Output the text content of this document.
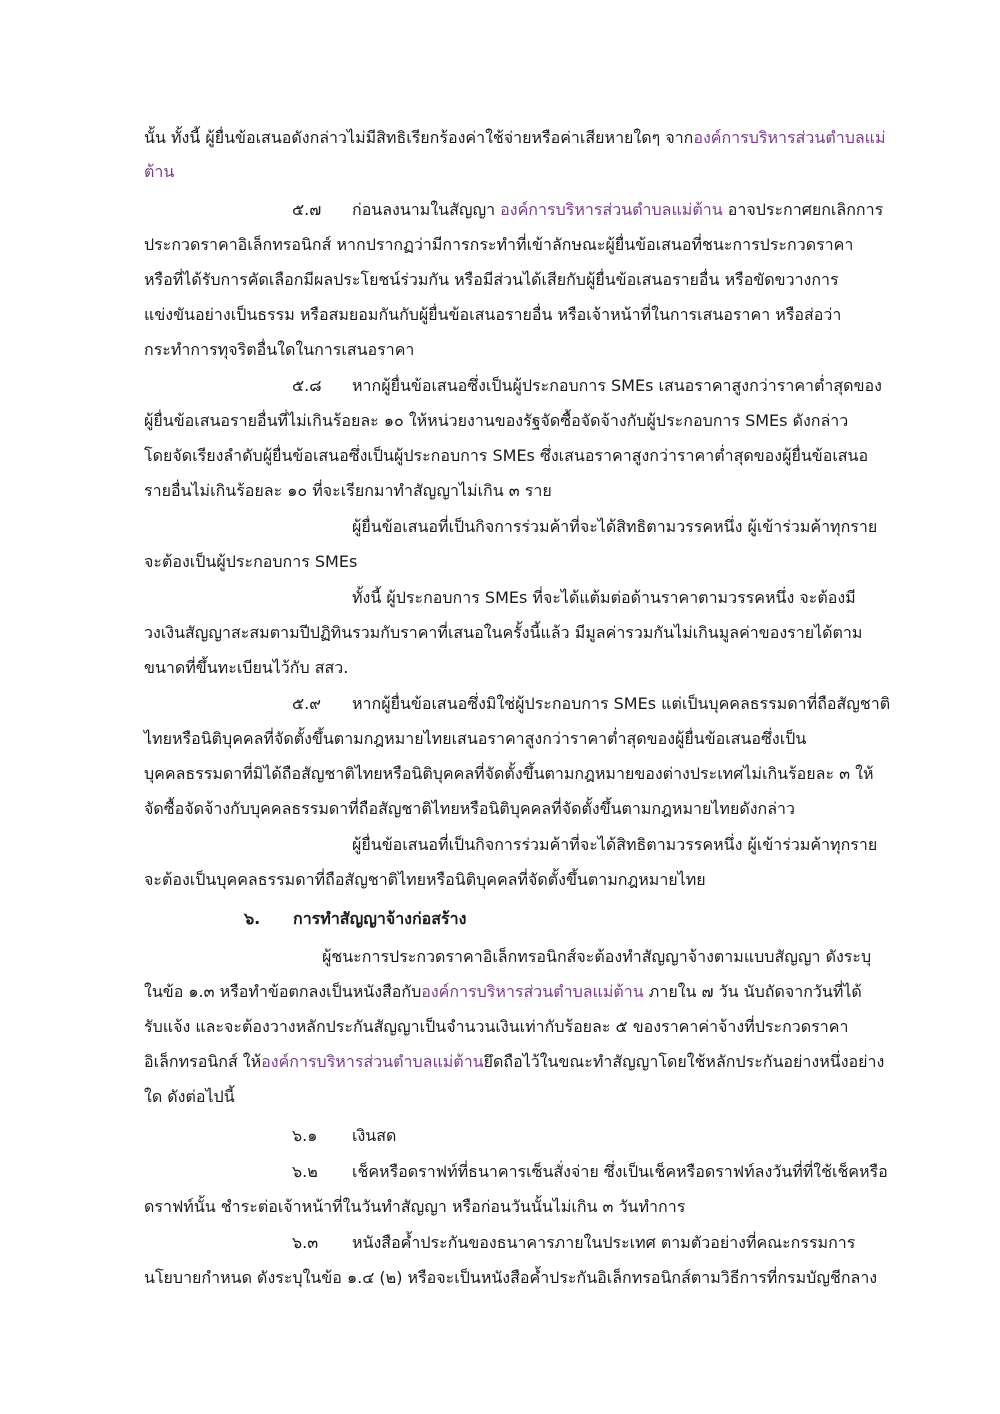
นั้น ทั้งนี้ ผู้ยื่นข้อเสนอดังกล่าวไม่มีสิทธิเรียกร้องค่าใช้จ่ายหรือค่าเสียหายใดๆ จากองค์การบริหารส่วนตำบลแม่
ต้าน
๕.๗ ก่อนลงนามในสัญญา องค์การบริหารส่วนตำบลแม่ต้าน อาจประกาศยกเลิกการ
ประกวดราคาอิเล็กทรอนิกส์ หากปรากฏว่ามีการกระทำที่เข้าลักษณะผู้ยื่นข้อเสนอที่ชนะการประกวดราคา
หรือที่ได้รับการคัดเลือกมีผลประโยชน์ร่วมกัน หรือมีส่วนได้เสียกับผู้ยื่นข้อเสนอรายอื่น หรือขัดขวางการ
แข่งขันอย่างเป็นธรรม หรือสมยอมกันกับผู้ยื่นข้อเสนอรายอื่น หรือเจ้าหน้าที่ในการเสนอราคา หรือส่อว่า
กระทำการทุจริตอื่นใดในการเสนอราคา
๕.๘ หากผู้ยื่นข้อเสนอซึ่งเป็นผู้ประกอบการ SMEs เสนอราคาสูงกว่าราคาต่ำสุดของ
ผู้ยื่นข้อเสนอรายอื่นที่ไม่เกินร้อยละ ๑๐ ให้หน่วยงานของรัฐจัดซื้อจัดจ้างกับผู้ประกอบการ SMEs ดังกล่าว
โดยจัดเรียงลำดับผู้ยื่นข้อเสนอซึ่งเป็นผู้ประกอบการ SMEs ซึ่งเสนอราคาสูงกว่าราคาต่ำสุดของผู้ยื่นข้อเสนอ
รายอื่นไม่เกินร้อยละ ๑๐ ที่จะเรียกมาทำสัญญาไม่เกิน ๓ ราย
ผู้ยื่นข้อเสนอที่เป็นกิจการร่วมค้าที่จะได้สิทธิตามวรรคหนึ่ง ผู้เข้าร่วมค้าทุกราย
จะต้องเป็นผู้ประกอบการ SMEs
ทั้งนี้ ผู้ประกอบการ SMEs ที่จะได้แต้มต่อด้านราคาตามวรรคหนึ่ง จะต้องมี
วงเงินสัญญาสะสมตามปีปฏิทินรวมกับราคาที่เสนอในครั้งนี้แล้ว มีมูลค่ารวมกันไม่เกินมูลค่าของรายได้ตาม
ขนาดที่ขึ้นทะเบียนไว้กับ สสว.
๕.๙ หากผู้ยื่นข้อเสนอซึ่งมิใช่ผู้ประกอบการ SMEs แต่เป็นบุคคลธรรมดาที่ถือสัญชาติ
ไทยหรือนิติบุคคลที่จัดตั้งขึ้นตามกฎหมายไทยเสนอราคาสูงกว่าราคาต่ำสุดของผู้ยื่นข้อเสนอซึ่งเป็น
บุคคลธรรมดาที่มิได้ถือสัญชาติไทยหรือนิติบุคคลที่จัดตั้งขึ้นตามกฎหมายของต่างประเทศไม่เกินร้อยละ ๓ ให้
จัดซื้อจัดจ้างกับบุคคลธรรมดาที่ถือสัญชาติไทยหรือนิติบุคคลที่จัดตั้งขึ้นตามกฎหมายไทยดังกล่าว
ผู้ยื่นข้อเสนอที่เป็นกิจการร่วมค้าที่จะได้สิทธิตามวรรคหนึ่ง ผู้เข้าร่วมค้าทุกราย
จะต้องเป็นบุคคลธรรมดาที่ถือสัญชาติไทยหรือนิติบุคคลที่จัดตั้งขึ้นตามกฎหมายไทย
๖. การทำสัญญาจ้างก่อสร้าง
ผู้ชนะการประกวดราคาอิเล็กทรอนิกส์จะต้องทำสัญญาจ้างตามแบบสัญญา ดังระบุ
ในข้อ ๑.๓ หรือทำข้อตกลงเป็นหนังสือกับองค์การบริหารส่วนตำบลแม่ต้าน ภายใน ๗ วัน นับถัดจากวันที่ได้
รับแจ้ง และจะต้องวางหลักประกันสัญญาเป็นจำนวนเงินเท่ากับร้อยละ ๕ ของราคาค่าจ้างที่ประกวดราคา
อิเล็กทรอนิกส์ ให้องค์การบริหารส่วนตำบลแม่ต้านยึดถือไว้ในขณะทำสัญญาโดยใช้หลักประกันอย่างหนึ่งอย่าง
ใด ดังต่อไปนี้
๖.๑ เงินสด
๖.๒ เช็คหรือดราฟท์ที่ธนาคารเซ็นสั่งจ่าย ซึ่งเป็นเช็คหรือดราฟท์ลงวันที่ที่ใช้เช็คหรือ
ดราฟท์นั้น ชำระต่อเจ้าหน้าที่ในวันทำสัญญา หรือก่อนวันนั้นไม่เกิน ๓ วันทำการ
๖.๓ หนังสือค้ำประกันของธนาคารภายในประเทศ ตามตัวอย่างที่คณะกรรมการ
นโยบายกำหนด ดังระบุในข้อ ๑.๔ (๒) หรือจะเป็นหนังสือค้ำประกันอิเล็กทรอนิกส์ตามวิธีการที่กรมบัญชีกลาง
